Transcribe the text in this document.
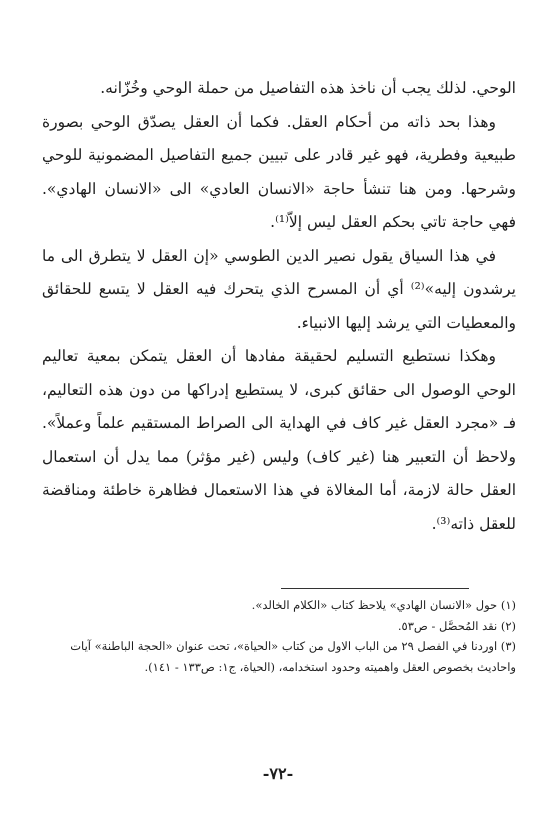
الوحي. لذلك يجب أن ناخذ هذه التفاصيل من حملة الوحي وخُزّانه.

وهذا بحد ذاته من أحكام العقل. فكما أن العقل يصدّق الوحي بصورة طبيعية وفطرية، فهو غير قادر على تبيين جميع التفاصيل المضمونية للوحي وشرحها. ومن هنا تنشأ حاجة «الانسان العادي» الى «الانسان الهادي». فهي حاجة تاتي بحكم العقل ليس إلاّ⁽¹⁾.

في هذا السياق يقول نصير الدين الطوسي «إن العقل لا يتطرق الى ما يرشدون إليه»⁽²⁾ أي أن المسرح الذي يتحرك فيه العقل لا يتسع للحقائق والمعطيات التي يرشد إليها الانبياء.

وهكذا نستطيع التسليم لحقيقة مفادها أن العقل يتمكن بمعية تعاليم الوحي الوصول الى حقائق كبرى، لا يستطيع إدراكها من دون هذه التعاليم، فـ «مجرد العقل غير كاف في الهداية الى الصراط المستقيم علماً وعملاً». ولاحظ أن التعبير هنا (غير كاف) وليس (غير مؤثر) مما يدل أن استعمال العقل حالة لازمة، أما المغالاة في هذا الاستعمال فظاهرة خاطئة ومناقضة للعقل ذاته⁽³⁾.

(١) حول «الانسان الهادي» يلاحظ كتاب «الكلام الخالد».

(٢) نقد المُحصَّل - ص٥٣.

(٣) اوردنا في الفصل ٢٩ من الباب الاول من كتاب «الحياة»، تحت عنوان «الحجة الباطنة» آيات واحاديث بخصوص العقل واهميته وحدود استخدامه، (الحياة، ج١: ص١٣٣ - ١٤١).

-٧٢-
